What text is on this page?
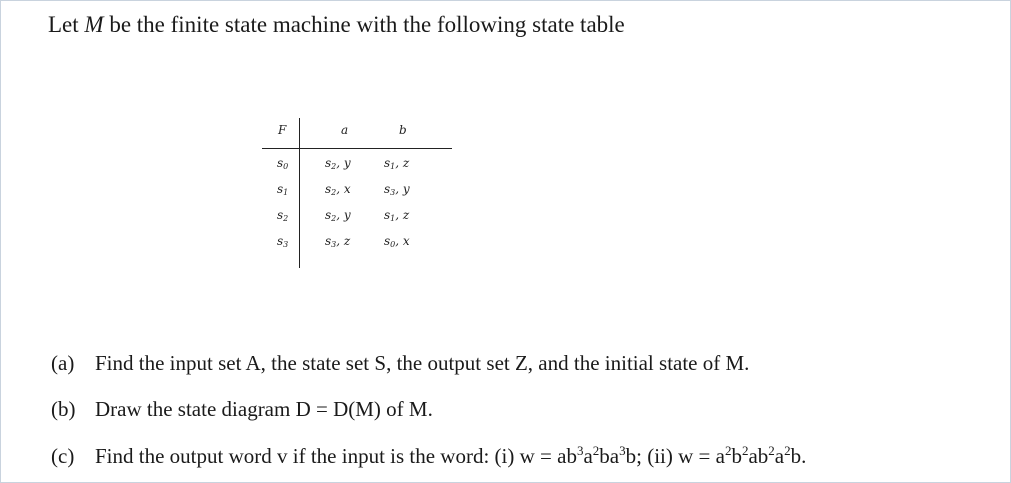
Let M be the finite state machine with the following state table
F	a	b
$s_0$	$s_2$, y	$s_1$, z
$s_1$	$s_2$, x	$s_3$, y
$s_2$	$s_2$, y	$s_1$, z
$s_3$	$s_3$, z	$s_0$, x
(a) Find the input set A, the state set S, the output set Z, and the initial state of M.
(b) Draw the state diagram D = D(M) of M.
(c) Find the output word v if the input is the word: (i) $w = ab^3a^2ba^3b$; (ii) $w = a^2b^2ab^2a^2b$.
